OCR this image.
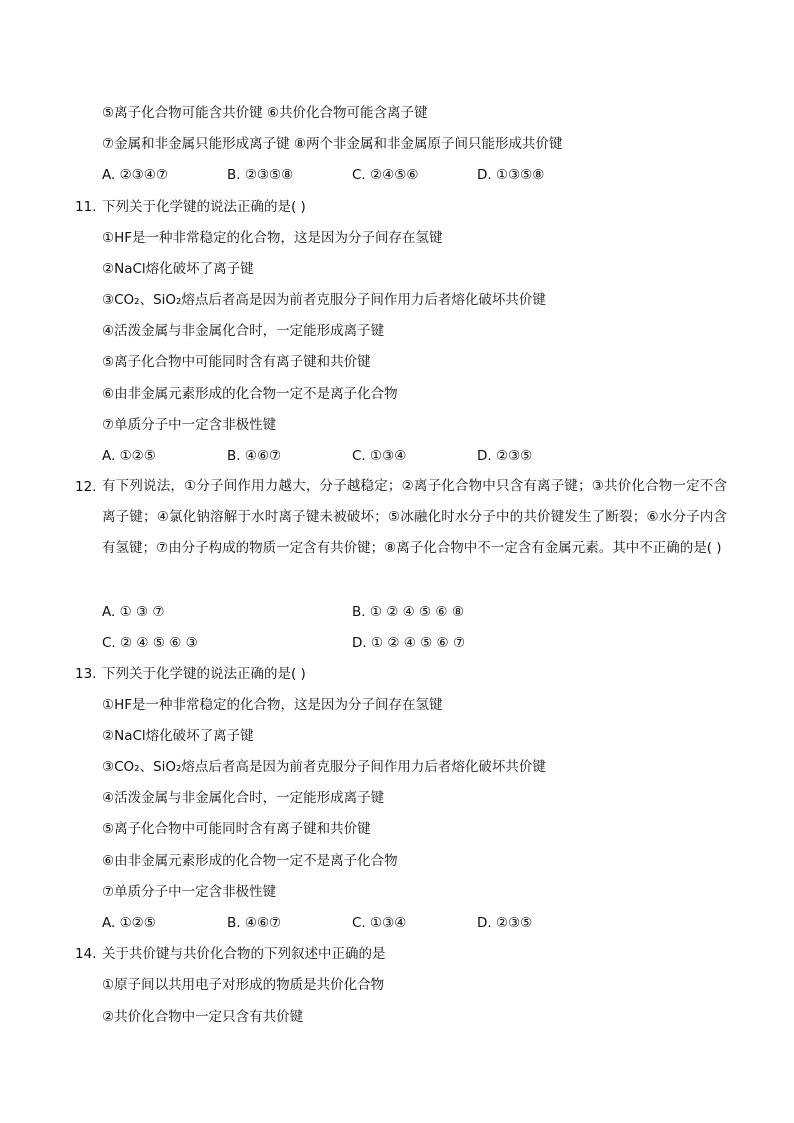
⑤离子化合物可能含共价键 ⑥共价化合物可能含离子键
⑦金属和非金属只能形成离子键 ⑧两个非金属和非金属原子间只能形成共价键
A. ②③④⑦	B. ②③⑤⑧	C. ②④⑤⑥	D. ①③⑤⑧
11. 下列关于化学键的说法正确的是( )
①HF是一种非常稳定的化合物，这是因为分子间存在氢键
②NaCl熔化破坏了离子键
③CO₂、SiO₂熔点后者高是因为前者克服分子间作用力后者熔化破坏共价键
④活泼金属与非金属化合时，一定能形成离子键
⑤离子化合物中可能同时含有离子键和共价键
⑥由非金属元素形成的化合物一定不是离子化合物
⑦单质分子中一定含非极性键
A. ①②⑤	B. ④⑥⑦	C. ①③④	D. ②③⑤
12. 有下列说法，①分子间作用力越大，分子越稳定；②离子化合物中只含有离子键；③共价化合物一定不含离子键；④氯化钠溶解于水时离子键未被破坏；⑤冰融化时水分子中的共价键发生了断裂；⑥水分子内含有氢键；⑦由分子构成的物质一定含有共价键；⑧离子化合物中不一定含有金属元素。其中不正确的是( )
A. ① ③ ⑦	B. ① ② ④ ⑤ ⑥ ⑧
C. ② ④ ⑤ ⑥ ③	D. ① ② ④ ⑤ ⑥ ⑦
13. 下列关于化学键的说法正确的是( )
①HF是一种非常稳定的化合物，这是因为分子间存在氢键
②NaCl熔化破坏了离子键
③CO₂、SiO₂熔点后者高是因为前者克服分子间作用力后者熔化破坏共价键
④活泼金属与非金属化合时，一定能形成离子键
⑤离子化合物中可能同时含有离子键和共价键
⑥由非金属元素形成的化合物一定不是离子化合物
⑦单质分子中一定含非极性键
A. ①②⑤	B. ④⑥⑦	C. ①③④	D. ②③⑤
14. 关于共价键与共价化合物的下列叙述中正确的是
①原子间以共用电子对形成的物质是共价化合物
②共价化合物中一定只含有共价键
